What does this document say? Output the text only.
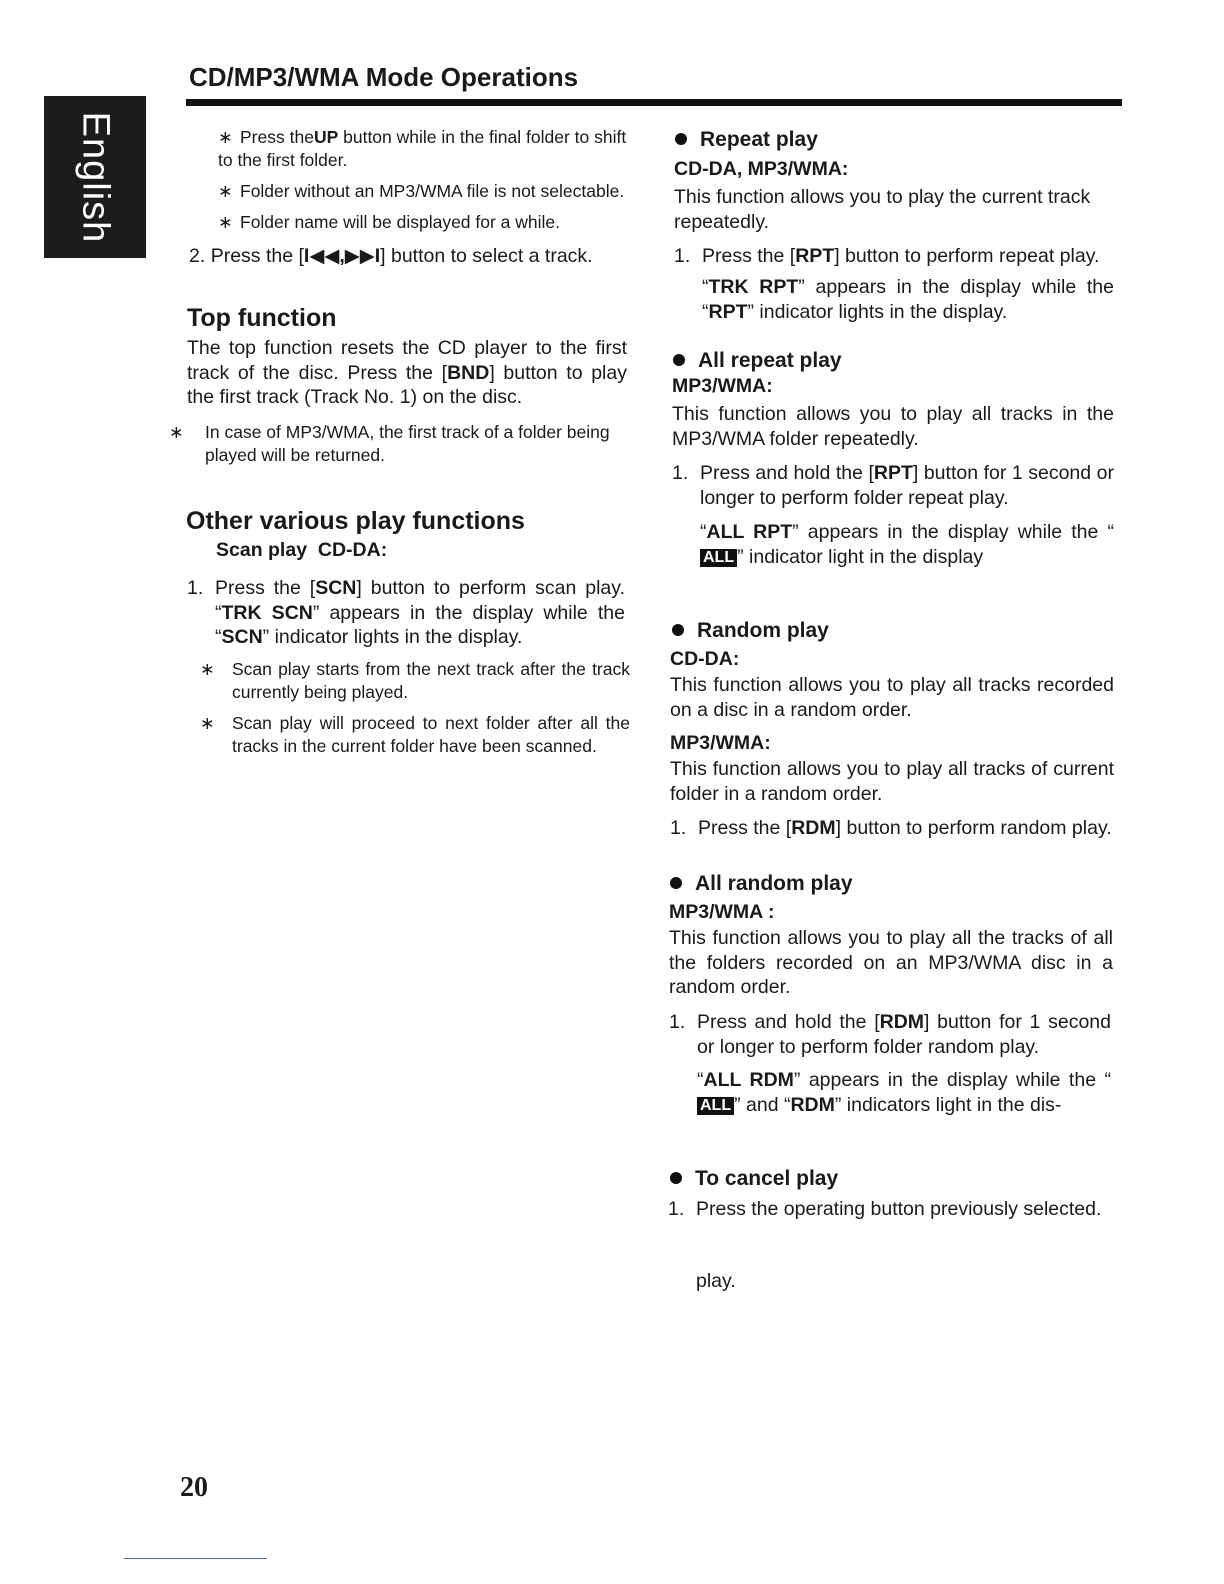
English
CD/MP3/WMA Mode Operations
∗ Press theUP button while in the final folder to shift to the first folder.
∗ Folder without an MP3/WMA file is not selectable.
∗ Folder name will be displayed for a while.
2. Press the [I◀◀,▶▶I] button to select a track.
Top function
The top function resets the CD player to the first track of the disc. Press the [BND] button to play the first track (Track No. 1) on the disc.
∗ In case of MP3/WMA, the first track of a folder being played will be returned.
Other various play functions
Scan play CD-DA:
1. Press the [SCN] button to perform scan play. “TRK SCN” appears in the display while the “SCN” indicator lights in the display.
∗ Scan play starts from the next track after the track currently being played.
∗ Scan play will proceed to next folder after all the tracks in the current folder have been scanned.
Repeat play
CD-DA, MP3/WMA:
This function allows you to play the current track repeatedly.
1. Press the [RPT] button to perform repeat play.
“TRK RPT” appears in the display while the “RPT” indicator lights in the display.
All repeat play
MP3/WMA:
This function allows you to play all tracks in the MP3/WMA folder repeatedly.
1. Press and hold the [RPT] button for 1 second or longer to perform folder repeat play.
“ALL RPT” appears in the display while the “ALL ” indicator light in the display
Random play
CD-DA:
This function allows you to play all tracks recorded on a disc in a random order.
MP3/WMA:
This function allows you to play all tracks of current folder in a random order.
1. Press the [RDM] button to perform random play.
All random play
MP3/WMA :
This function allows you to play all the tracks of all the folders recorded on an MP3/WMA disc in a random order.
1. Press and hold the [RDM] button for 1 second or longer to perform folder random play.
“ALL RDM” appears in the display while the “ALL ” and “RDM” indicators light in the dis-
To cancel play
1. Press the operating button previously selected.
play.
20
